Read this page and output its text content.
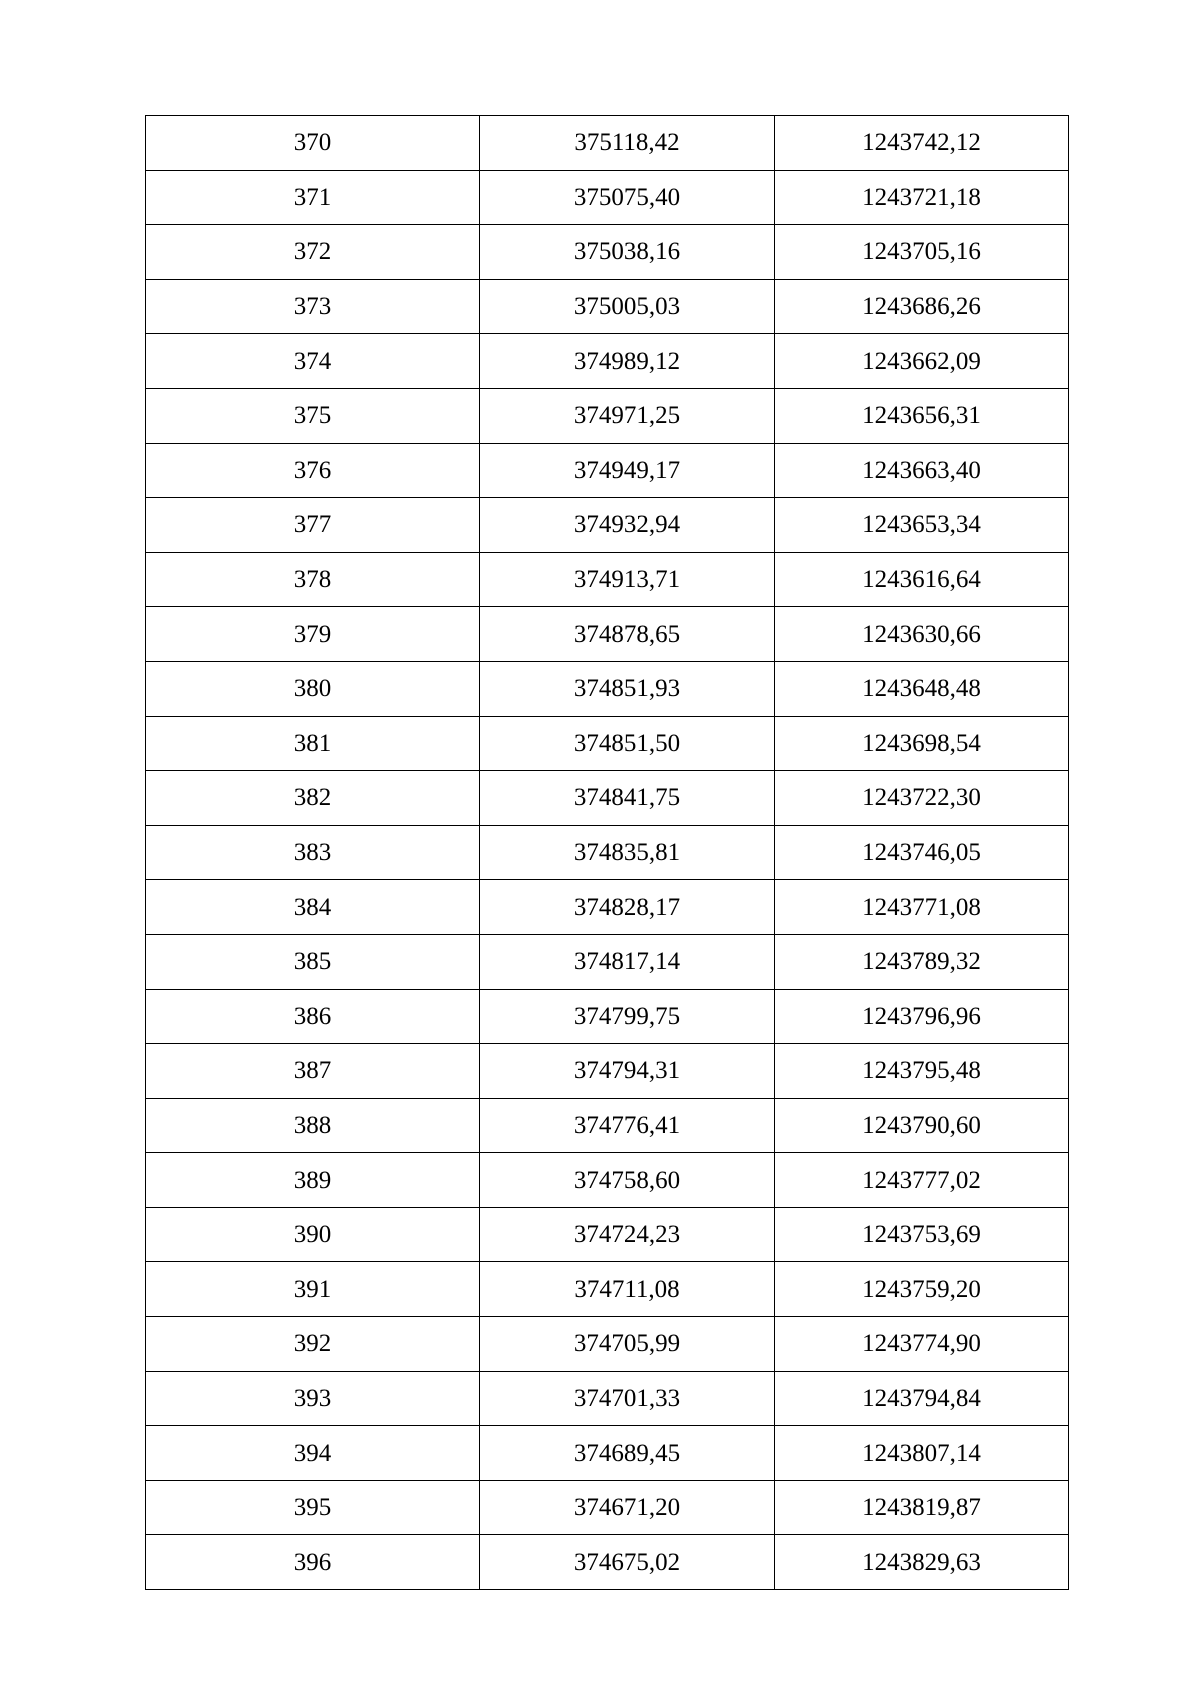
370	375118,42	1243742,12
371	375075,40	1243721,18
372	375038,16	1243705,16
373	375005,03	1243686,26
374	374989,12	1243662,09
375	374971,25	1243656,31
376	374949,17	1243663,40
377	374932,94	1243653,34
378	374913,71	1243616,64
379	374878,65	1243630,66
380	374851,93	1243648,48
381	374851,50	1243698,54
382	374841,75	1243722,30
383	374835,81	1243746,05
384	374828,17	1243771,08
385	374817,14	1243789,32
386	374799,75	1243796,96
387	374794,31	1243795,48
388	374776,41	1243790,60
389	374758,60	1243777,02
390	374724,23	1243753,69
391	374711,08	1243759,20
392	374705,99	1243774,90
393	374701,33	1243794,84
394	374689,45	1243807,14
395	374671,20	1243819,87
396	374675,02	1243829,63
